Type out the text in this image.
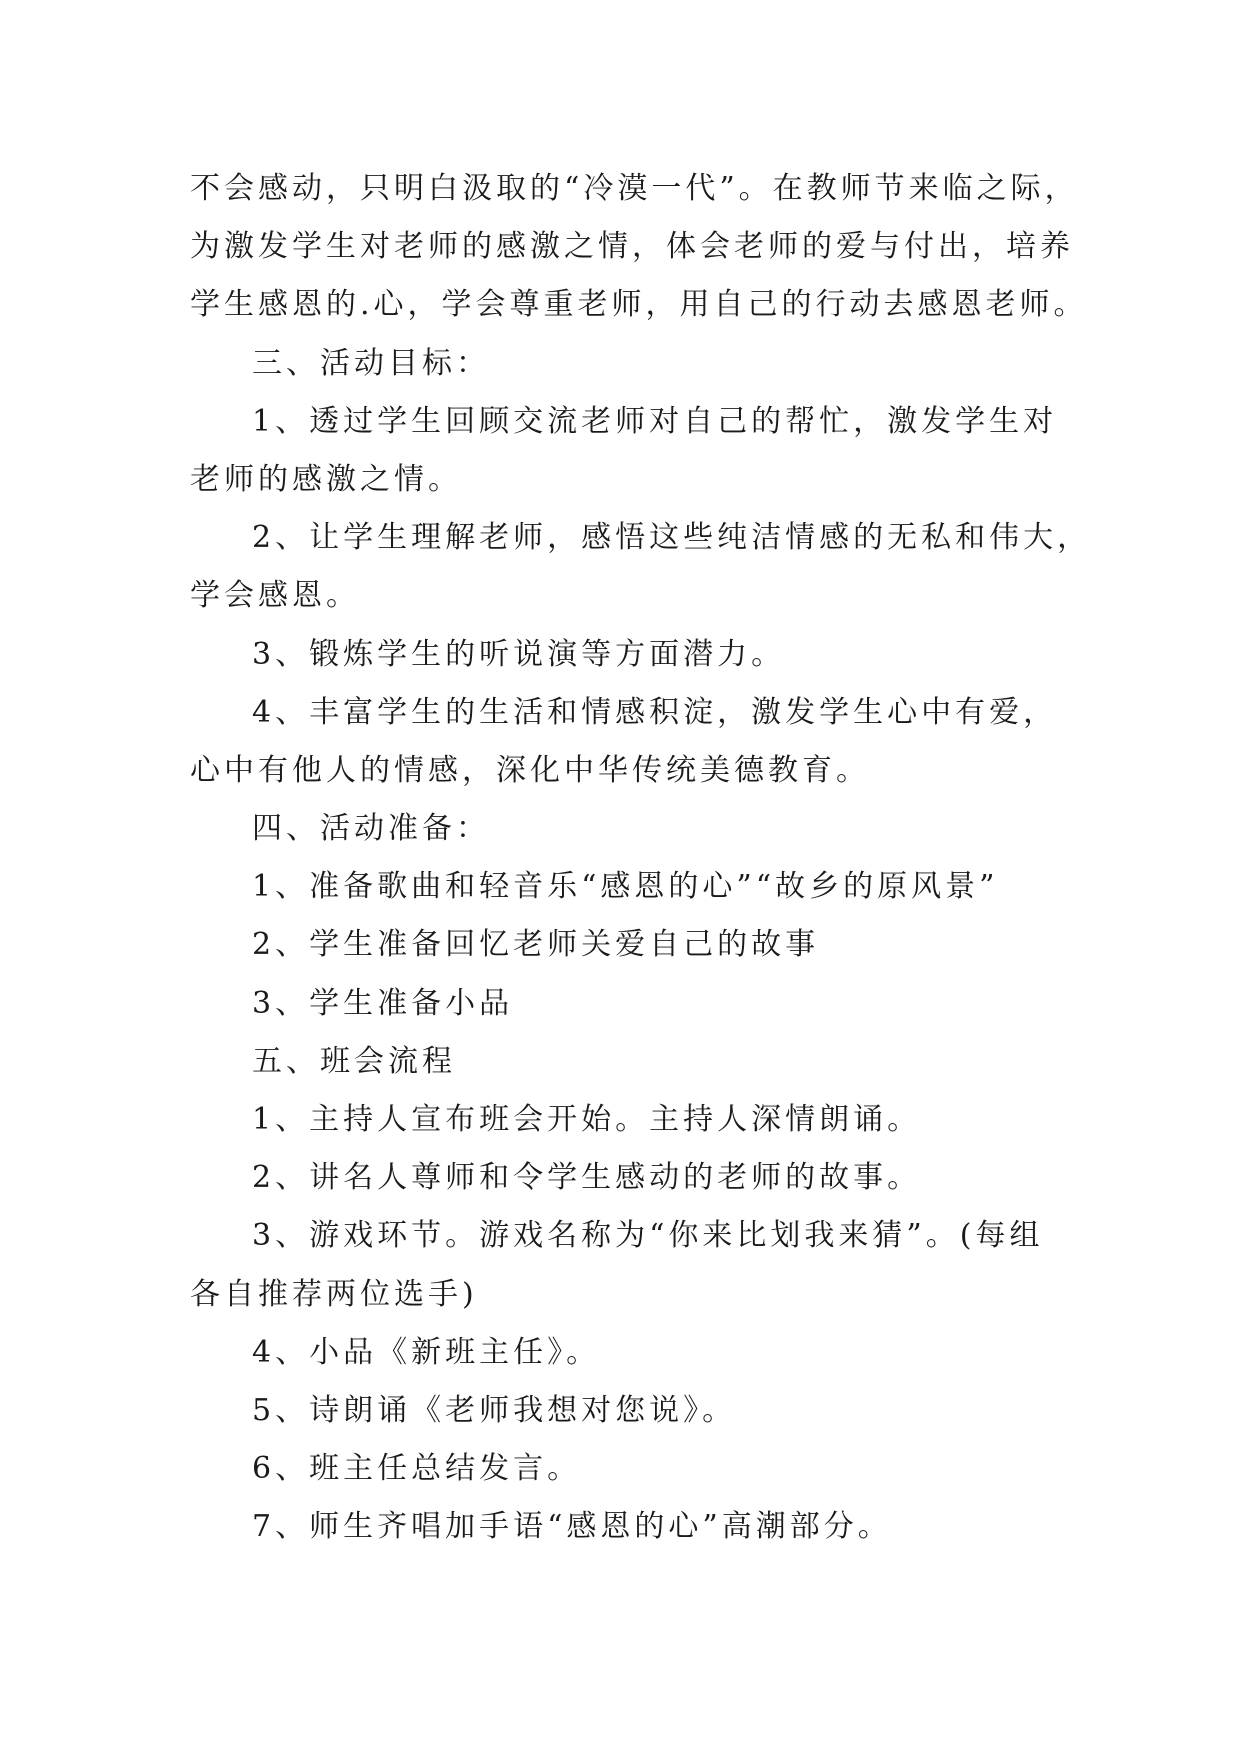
不会感动，只明白汲取的“冷漠一代”。在教师节来临之际，
为激发学生对老师的感激之情，体会老师的爱与付出，培养
学生感恩的.心，学会尊重老师，用自己的行动去感恩老师。
三、活动目标：
1、透过学生回顾交流老师对自己的帮忙，激发学生对
老师的感激之情。
2、让学生理解老师，感悟这些纯洁情感的无私和伟大，
学会感恩。
3、锻炼学生的听说演等方面潜力。
4、丰富学生的生活和情感积淀，激发学生心中有爱，
心中有他人的情感，深化中华传统美德教育。
四、活动准备：
1、准备歌曲和轻音乐“感恩的心”“故乡的原风景”
2、学生准备回忆老师关爱自己的故事
3、学生准备小品
五、班会流程
1、主持人宣布班会开始。主持人深情朗诵。
2、讲名人尊师和令学生感动的老师的故事。
3、游戏环节。游戏名称为“你来比划我来猜”。(每组
各自推荐两位选手)
4、小品《新班主任》。
5、诗朗诵《老师我想对您说》。
6、班主任总结发言。
7、师生齐唱加手语“感恩的心”高潮部分。
